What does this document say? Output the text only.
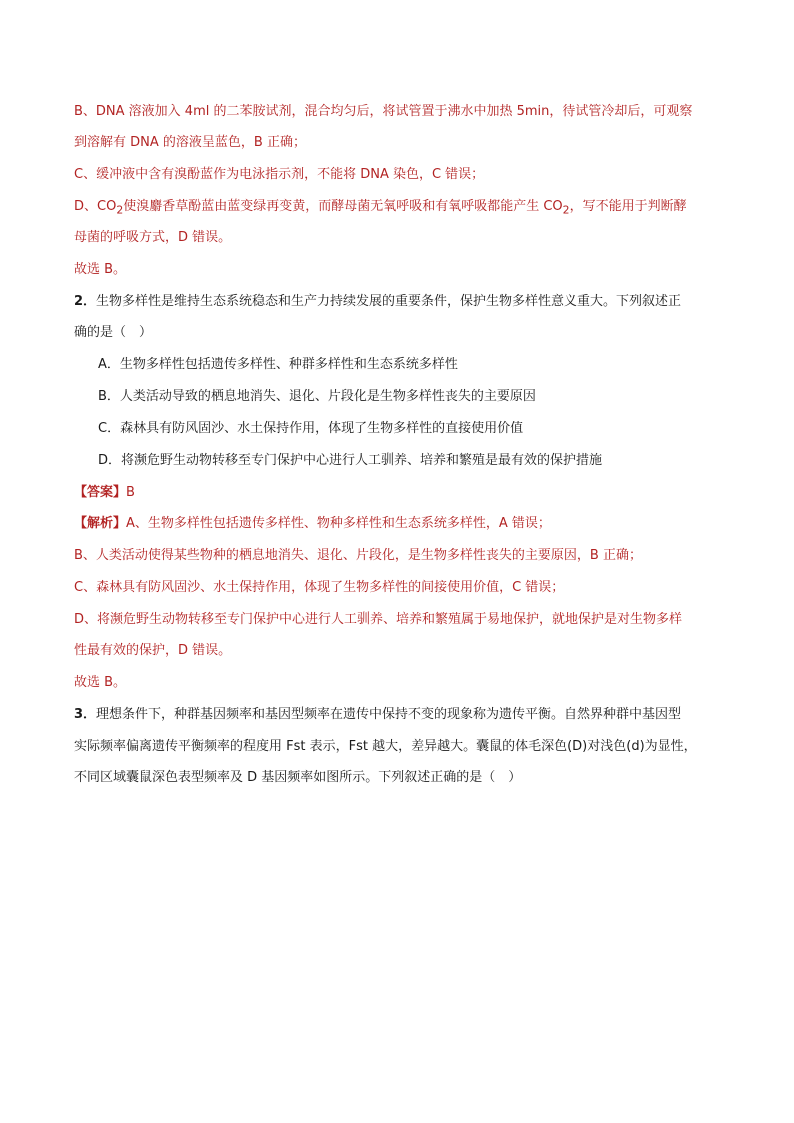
B、DNA 溶液加入 4ml 的二苯胺试剂，混合均匀后，将试管置于沸水中加热 5min，待试管冷却后，可观察

到溶解有 DNA 的溶液呈蓝色，B 正确；

C、缓冲液中含有溴酚蓝作为电泳指示剂，不能将 DNA 染色，C 错误；

D、$CO_2$使溴麝香草酚蓝由蓝变绿再变黄，而酵母菌无氧呼吸和有氧呼吸都能产生 $CO_2$，写不能用于判断酵

母菌的呼吸方式，D 错误。

故选 B。

2．生物多样性是维持生态系统稳态和生产力持续发展的重要条件，保护生物多样性意义重大。下列叙述正

确的是（　）

A．生物多样性包括遗传多样性、种群多样性和生态系统多样性

B．人类活动导致的栖息地消失、退化、片段化是生物多样性丧失的主要原因

C．森林具有防风固沙、水土保持作用，体现了生物多样性的直接使用价值

D．将濒危野生动物转移至专门保护中心进行人工驯养、培养和繁殖是最有效的保护措施

【答案】B

【解析】A、生物多样性包括遗传多样性、物种多样性和生态系统多样性，A 错误；

B、人类活动使得某些物种的栖息地消失、退化、片段化，是生物多样性丧失的主要原因，B 正确；

C、森林具有防风固沙、水土保持作用，体现了生物多样性的间接使用价值，C 错误；

D、将濒危野生动物转移至专门保护中心进行人工驯养、培养和繁殖属于易地保护，就地保护是对生物多样

性最有效的保护，D 错误。

故选 B。

3．理想条件下，种群基因频率和基因型频率在遗传中保持不变的现象称为遗传平衡。自然界种群中基因型

实际频率偏离遗传平衡频率的程度用 Fst 表示，Fst 越大，差异越大。囊鼠的体毛深色(D)对浅色(d)为显性，

不同区域囊鼠深色表型频率及 D 基因频率如图所示。下列叙述正确的是（　）
